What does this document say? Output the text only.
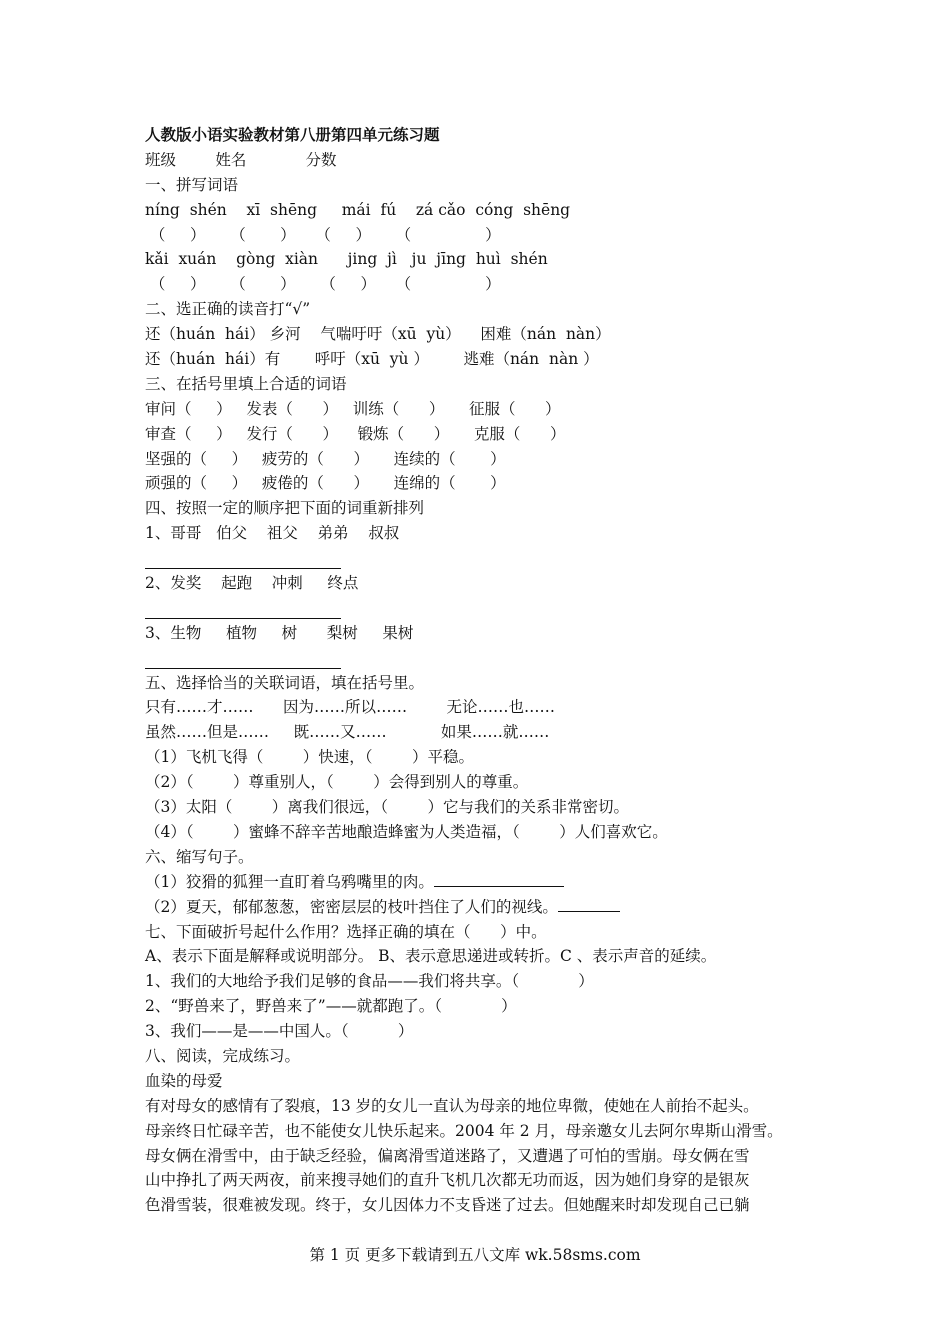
人教版小语实验教材第八册第四单元练习题
班级        姓名            分数
一、拼写词语
níng  shén    xī  shēng     mái  fú    zá cǎo  cóng  shēng
（     ）     （       ）    （     ）     （               ）
kǎi  xuán    gòng  xiàn      jing  jì   ju  jīng  huì  shén
（     ）     （       ）     （     ）    （               ）
二、选正确的读音打“√”
还（huán  hái） 乡河    气喘吁吁（xū  yù）    困难（nán  nàn）
还（huán  hái）有       呼吁（xū  yù ）       逃难（nán  nàn ）
三、在括号里填上合适的词语
审问（     ）   发表（      ）   训练（      ）     征服（      ）
审查（     ）   发行（      ）    锻炼（      ）     克服（      ）
坚强的（     ）   疲劳的（      ）     连续的（       ）
顽强的（     ）   疲倦的（      ）     连绵的（       ）
四、按照一定的顺序把下面的词重新排列
1、哥哥   伯父    祖父    弟弟    叔叔
2、发奖    起跑    冲刺     终点
3、生物     植物     树      梨树     果树
五、选择恰当的关联词语，填在括号里。
只有……才……      因为……所以……        无论……也……
虽然……但是……     既……又……           如果……就……
（1）飞机飞得（        ）快速，（        ）平稳。
（2）（        ）尊重别人，（        ）会得到别人的尊重。
（3）太阳（        ）离我们很远，（        ）它与我们的关系非常密切。
（4）（        ）蜜蜂不辞辛苦地酿造蜂蜜为人类造福，（        ）人们喜欢它。
六、缩写句子。
（1）狡猾的狐狸一直盯着乌鸦嘴里的肉。
（2）夏天，郁郁葱葱，密密层层的枝叶挡住了人们的视线。
七、下面破折号起什么作用？选择正确的填在（      ）中。
A、表示下面是解释或说明部分。 B、表示意思递进或转折。C 、表示声音的延续。
1、我们的大地给予我们足够的食品——我们将共享。（            ）
2、“野兽来了，野兽来了”——就都跑了。（            ）
3、我们——是——中国人。（          ）
八、阅读，完成练习。
血染的母爱
有对母女的感情有了裂痕，13 岁的女儿一直认为母亲的地位卑微，使她在人前抬不起头。
母亲终日忙碌辛苦，也不能使女儿快乐起来。2004 年 2 月，母亲邀女儿去阿尔卑斯山滑雪。
母女俩在滑雪中，由于缺乏经验，偏离滑雪道迷路了，又遭遇了可怕的雪崩。母女俩在雪
山中挣扎了两天两夜，前来搜寻她们的直升飞机几次都无功而返，因为她们身穿的是银灰
色滑雪装，很难被发现。终于，女儿因体力不支昏迷了过去。但她醒来时却发现自己已躺
第 1 页 更多下载请到五八文库 wk.58sms.com
